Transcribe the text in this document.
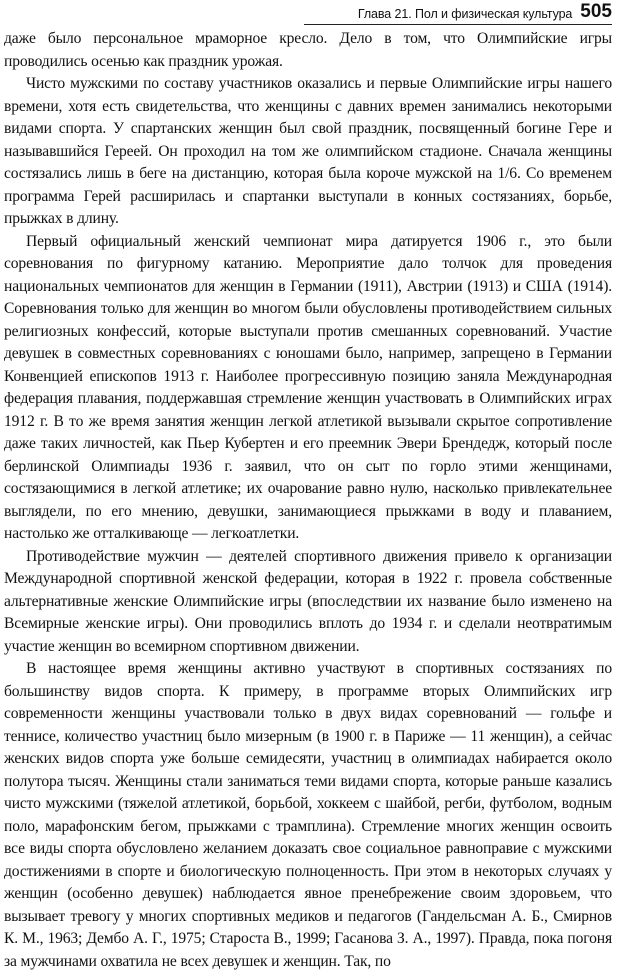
Глава 21. Пол и физическая культура 505

даже было персональное мраморное кресло. Дело в том, что Олимпийские игры проводились осенью как праздник урожая.

Чисто мужскими по составу участников оказались и первые Олимпийские игры нашего времени, хотя есть свидетельства, что женщины с давних времен занимались некоторыми видами спорта. У спартанских женщин был свой праздник, посвященный богине Гере и называвшийся Гереей. Он проходил на том же олимпийском стадионе. Сначала женщины состязались лишь в беге на дистанцию, которая была короче мужской на 1/6. Со временем программа Герей расширилась и спартанки выступали в конных состязаниях, борьбе, прыжках в длину.

Первый официальный женский чемпионат мира датируется 1906 г., это были соревнования по фигурному катанию. Мероприятие дало толчок для проведения национальных чемпионатов для женщин в Германии (1911), Австрии (1913) и США (1914). Соревнования только для женщин во многом были обусловлены противодействием сильных религиозных конфессий, которые выступали против смешанных соревнований. Участие девушек в совместных соревнованиях с юношами было, например, запрещено в Германии Конвенцией епископов 1913 г. Наиболее прогрессивную позицию заняла Международная федерация плавания, поддержавшая стремление женщин участвовать в Олимпийских играх 1912 г. В то же время занятия женщин легкой атлетикой вызывали скрытое сопротивление даже таких личностей, как Пьер Кубертен и его преемник Эвери Брендедж, который после берлинской Олимпиады 1936 г. заявил, что он сыт по горло этими женщинами, состязающимися в легкой атлетике; их очарование равно нулю, насколько привлекательнее выглядели, по его мнению, девушки, занимающиеся прыжками в воду и плаванием, настолько же отталкивающе — легкоатлетки.

Противодействие мужчин — деятелей спортивного движения привело к организации Международной спортивной женской федерации, которая в 1922 г. провела собственные альтернативные женские Олимпийские игры (впоследствии их название было изменено на Всемирные женские игры). Они проводились вплоть до 1934 г. и сделали неотвратимым участие женщин во всемирном спортивном движении.

В настоящее время женщины активно участвуют в спортивных состязаниях по большинству видов спорта. К примеру, в программе вторых Олимпийских игр современности женщины участвовали только в двух видах соревнований — гольфе и теннисе, количество участниц было мизерным (в 1900 г. в Париже — 11 женщин), а сейчас женских видов спорта уже больше семидесяти, участниц в олимпиадах набирается около полутора тысяч. Женщины стали заниматься теми видами спорта, которые раньше казались чисто мужскими (тяжелой атлетикой, борьбой, хоккеем с шайбой, регби, футболом, водным поло, марафонским бегом, прыжками с трамплина). Стремление многих женщин освоить все виды спорта обусловлено желанием доказать свое социальное равноправие с мужскими достижениями в спорте и биологическую полноценность. При этом в некоторых случаях у женщин (особенно девушек) наблюдается явное пренебрежение своим здоровьем, что вызывает тревогу у многих спортивных медиков и педагогов (Гандельсман А. Б., Смирнов К. М., 1963; Дембо А. Г., 1975; Староста В., 1999; Гасанова З. А., 1997). Правда, пока погоня за мужчинами охватила не всех девушек и женщин. Так, по
